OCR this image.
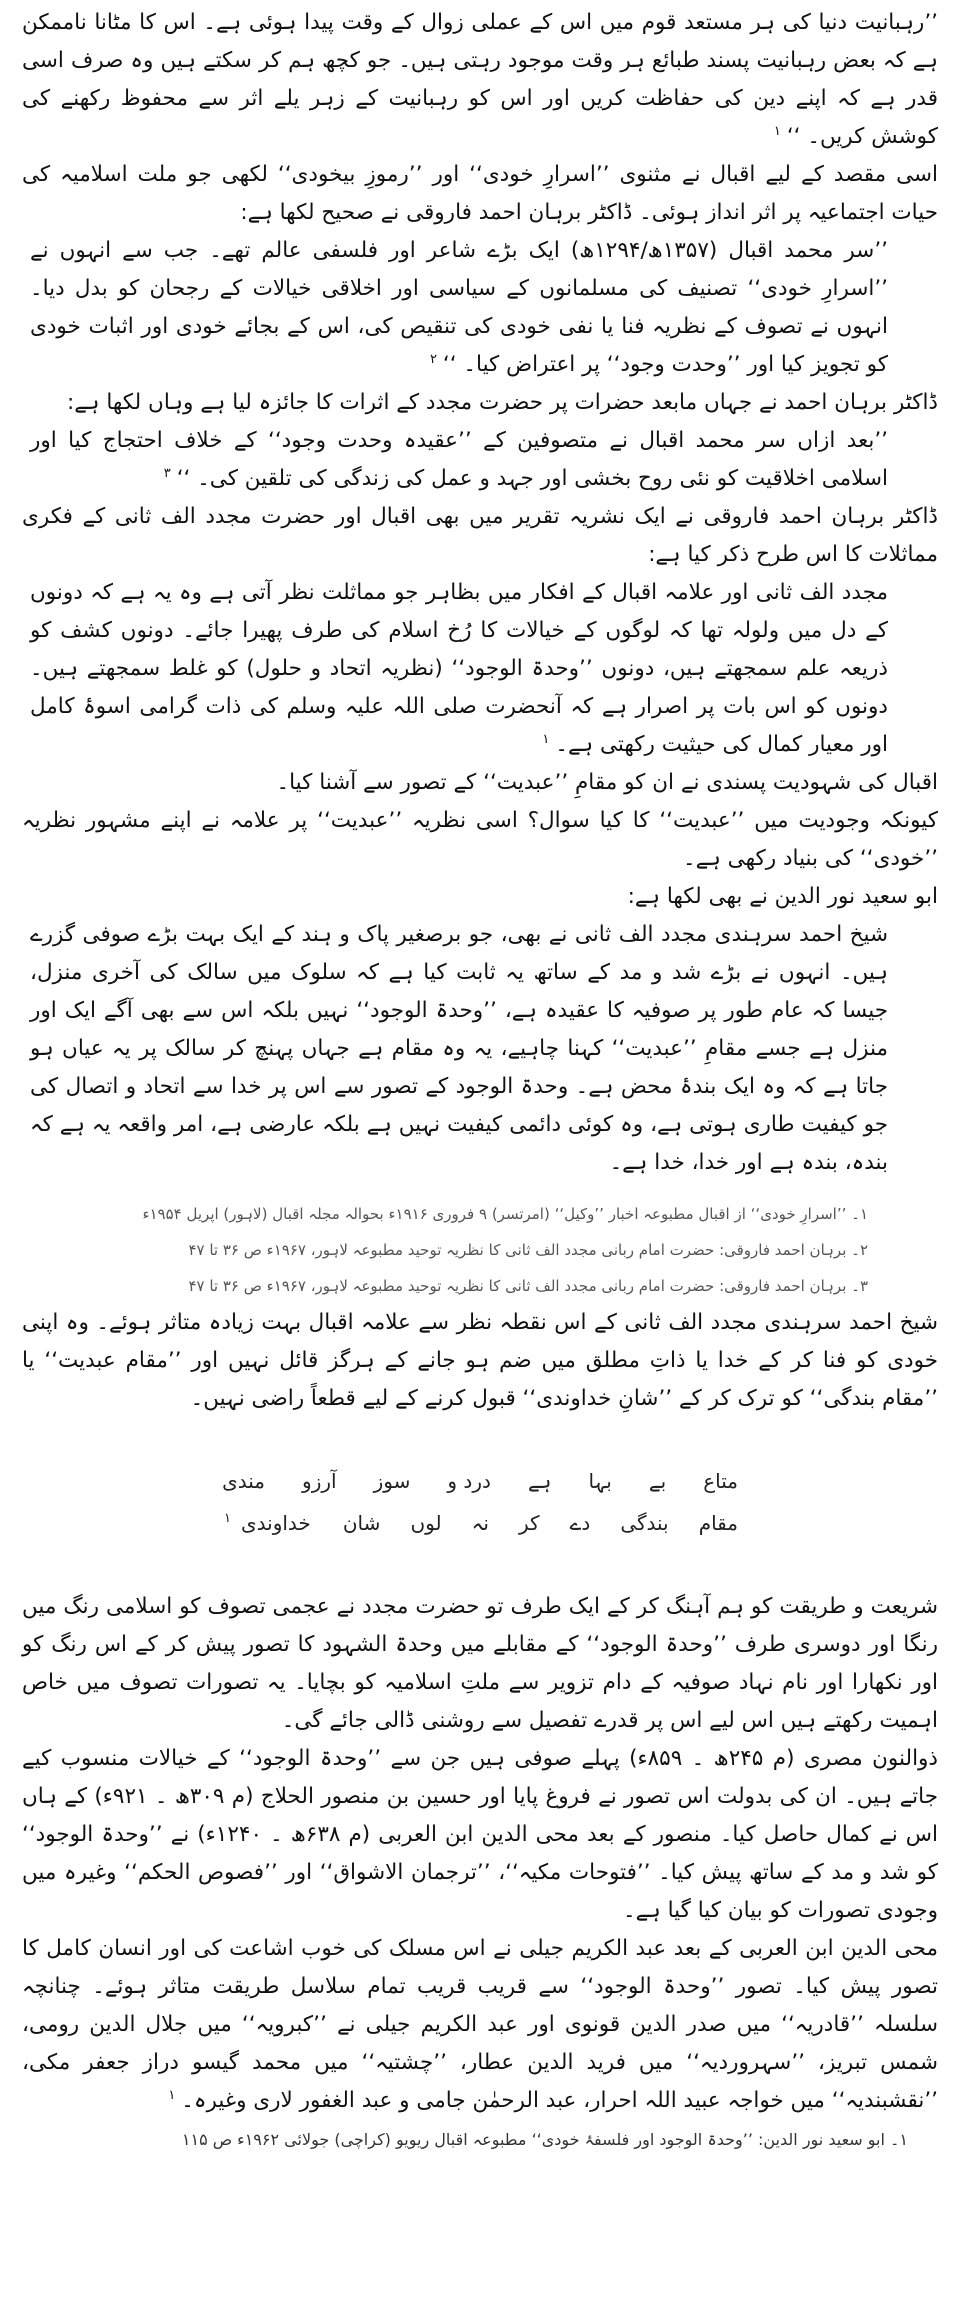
’’رہبانیت دنیا کی ہر مستعد قوم میں اس کے عملی زوال کے وقت پیدا ہوئی ہے۔ اس کا مٹانا ناممکن ہے کہ بعض رہبانیت پسند طبائع ہر وقت موجود رہتی ہیں۔ جو کچھ ہم کر سکتے ہیں وہ صرف اسی قدر ہے کہ اپنے دین کی حفاظت کریں اور اس کو رہبانیت کے زہر یلے اثر سے محفوظ رکھنے کی کوشش کریں۔ ‘‘$^۱$

اسی مقصد کے لیے اقبال نے مثنوی ’’اسرارِ خودی‘‘ اور ’’رموزِ بیخودی‘‘ لکھی جو ملت اسلامیہ کی حیات اجتماعیہ پر اثر انداز ہوئی۔ ڈاکٹر برہان احمد فاروقی نے صحیح لکھا ہے:

’’سر محمد اقبال (۱۳۵۷ھ/۱۲۹۴ھ) ایک بڑے شاعر اور فلسفی عالم تھے۔ جب سے انہوں نے ’’اسرارِ خودی‘‘ تصنیف کی مسلمانوں کے سیاسی اور اخلاقی خیالات کے رجحان کو بدل دیا۔ انہوں نے تصوف کے نظریہ فنا یا نفی خودی کی تنقیص کی، اس کے بجائے خودی اور اثبات خودی کو تجویز کیا اور ’’وحدت وجود‘‘ پر اعتراض کیا۔ ‘‘$^۲$

ڈاکٹر برہان احمد نے جہاں مابعد حضرات پر حضرت مجدد کے اثرات کا جائزہ لیا ہے وہاں لکھا ہے:

’’بعد ازاں سر محمد اقبال نے متصوفین کے ’’عقیدہ وحدت وجود‘‘ کے خلاف احتجاج کیا اور اسلامی اخلاقیت کو نئی روح بخشی اور جہد و عمل کی زندگی کی تلقین کی۔ ‘‘$^۳$

ڈاکٹر برہان احمد فاروقی نے ایک نشریہ تقریر میں بھی اقبال اور حضرت مجدد الف ثانی کے فکری مماثلات کا اس طرح ذکر کیا ہے:

مجدد الف ثانی اور علامہ اقبال کے افکار میں بظاہر جو مماثلت نظر آتی ہے وہ یہ ہے کہ دونوں کے دل میں ولولہ تھا کہ لوگوں کے خیالات کا رُخ اسلام کی طرف پھیرا جائے۔ دونوں کشف کو ذریعہ علم سمجھتے ہیں، دونوں ’’وحدۃ الوجود‘‘ (نظریہ اتحاد و حلول) کو غلط سمجھتے ہیں۔ دونوں کو اس بات پر اصرار ہے کہ آنحضرت صلی اللہ علیہ وسلم کی ذات گرامی اسوۂ کامل اور معیار کمال کی حیثیت رکھتی ہے۔$^۱$

اقبال کی شہودیت پسندی نے ان کو مقامِ ’’عبدیت‘‘ کے تصور سے آشنا کیا۔

کیونکہ وجودیت میں ’’عبدیت‘‘ کا کیا سوال؟ اسی نظریہ ’’عبدیت‘‘ پر علامہ نے اپنے مشہور نظریہ ’’خودی‘‘ کی بنیاد رکھی ہے۔

ابو سعید نور الدین نے بھی لکھا ہے:

شیخ احمد سرہندی مجدد الف ثانی نے بھی، جو برصغیر پاک و ہند کے ایک بہت بڑے صوفی گزرے ہیں۔ انہوں نے بڑے شد و مد کے ساتھ یہ ثابت کیا ہے کہ سلوک میں سالک کی آخری منزل، جیسا کہ عام طور پر صوفیہ کا عقیدہ ہے، ’’وحدۃ الوجود‘‘ نہیں بلکہ اس سے بھی آگے ایک اور منزل ہے جسے مقامِ ’’عبدیت‘‘ کہنا چاہیے، یہ وہ مقام ہے جہاں پہنچ کر سالک پر یہ عیاں ہو جاتا ہے کہ وہ ایک بندۂ محض ہے۔ وحدۃ الوجود کے تصور سے اس پر خدا سے اتحاد و اتصال کی جو کیفیت طاری ہوتی ہے، وہ کوئی دائمی کیفیت نہیں ہے بلکہ عارضی ہے، امر واقعہ یہ ہے کہ بندہ، بندہ ہے اور خدا، خدا ہے۔

۱۔ ’’اسرارِ خودی‘‘ از اقبال مطبوعہ اخبار ’’وکیل‘‘ (امرتسر) ۹ فروری ۱۹۱۶ء بحوالہ مجلہ اقبال (لاہور) اپریل ۱۹۵۴ء

۲۔ برہان احمد فاروقی: حضرت امام ربانی مجدد الف ثانی کا نظریہ توحید مطبوعہ لاہور، ۱۹۶۷ء ص ۳۶ تا ۴۷

۳۔ برہان احمد فاروقی: حضرت امام ربانی مجدد الف ثانی کا نظریہ توحید مطبوعہ لاہور، ۱۹۶۷ء ص ۳۶ تا ۴۷

شیخ احمد سرہندی مجدد الف ثانی کے اس نقطہ نظر سے علامہ اقبال بہت زیادہ متاثر ہوئے۔ وہ اپنی خودی کو فنا کر کے خدا یا ذاتِ مطلق میں ضم ہو جانے کے ہرگز قائل نہیں اور ’’مقام عبدیت‘‘ یا ’’مقام بندگی‘‘ کو ترک کر کے ’’شانِ خداوندی‘‘ قبول کرنے کے لیے قطعاً راضی نہیں۔

متاع
بے
بہا
ہے
درد و
سوز
آرزو
مندی
مقام
بندگی
دے
کر
نہ
لوں
شان
خداوندی$^۱$

شریعت و طریقت کو ہم آہنگ کر کے ایک طرف تو حضرت مجدد نے عجمی تصوف کو اسلامی رنگ میں رنگا اور دوسری طرف ’’وحدۃ الوجود‘‘ کے مقابلے میں وحدۃ الشہود کا تصور پیش کر کے اس رنگ کو اور نکھارا اور نام نہاد صوفیہ کے دام تزویر سے ملتِ اسلامیہ کو بچایا۔ یہ تصورات تصوف میں خاص اہمیت رکھتے ہیں اس لیے اس پر قدرے تفصیل سے روشنی ڈالی جائے گی۔

ذوالنون مصری (م ۲۴۵ھ ۔ ۸۵۹ء) پہلے صوفی ہیں جن سے ’’وحدۃ الوجود‘‘ کے خیالات منسوب کیے جاتے ہیں۔ ان کی بدولت اس تصور نے فروغ پایا اور حسین بن منصور الحلاج (م ۳۰۹ھ ۔ ۹۲۱ء) کے ہاں اس نے کمال حاصل کیا۔ منصور کے بعد محی الدین ابن العربی (م ۶۳۸ھ ۔ ۱۲۴۰ء) نے ’’وحدۃ الوجود‘‘ کو شد و مد کے ساتھ پیش کیا۔ ’’فتوحات مکیہ‘‘، ’’ترجمان الاشواق‘‘ اور ’’فصوص الحکم‘‘ وغیرہ میں وجودی تصورات کو بیان کیا گیا ہے۔

محی الدین ابن العربی کے بعد عبد الکریم جیلی نے اس مسلک کی خوب اشاعت کی اور انسان کامل کا تصور پیش کیا۔ تصور ’’وحدۃ الوجود‘‘ سے قریب قریب تمام سلاسل طریقت متاثر ہوئے۔ چنانچہ سلسلہ ’’قادریہ‘‘ میں صدر الدین قونوی اور عبد الکریم جیلی نے ’’کبرویہ‘‘ میں جلال الدین رومی، شمس تبریز، ’’سہروردیہ‘‘ میں فرید الدین عطار، ’’چشتیہ‘‘ میں محمد گیسو دراز جعفر مکی، ’’نقشبندیہ‘‘ میں خواجہ عبید اللہ احرار، عبد الرحمٰن جامی و عبد الغفور لاری وغیرہ۔$^۱$

۱۔ ابو سعید نور الدین: ’’وحدۃ الوجود اور فلسفۂ خودی‘‘ مطبوعہ اقبال ریویو (کراچی) جولائی ۱۹۶۲ء ص ۱۱۵
